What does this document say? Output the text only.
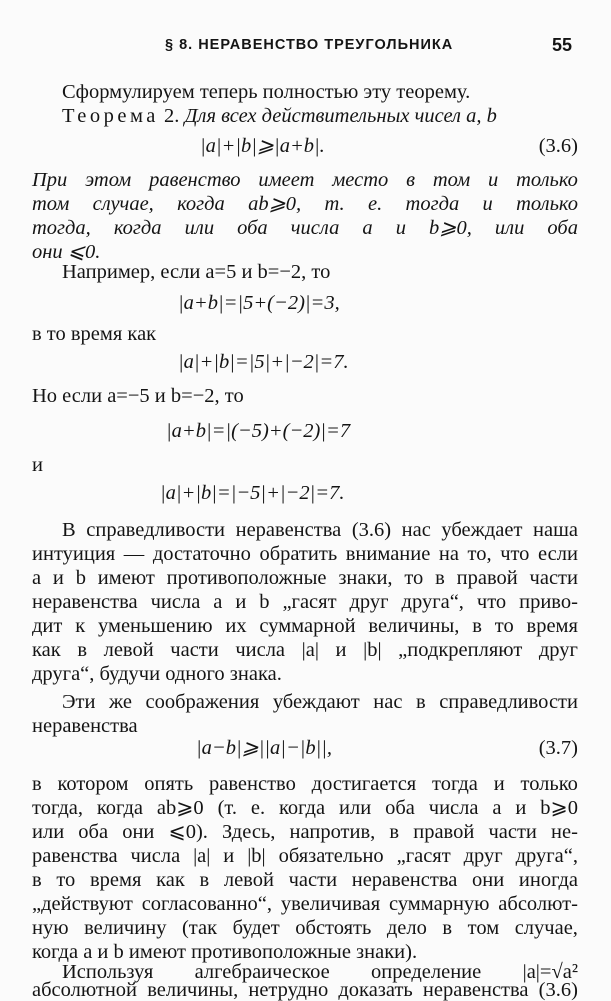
§ 8. НЕРАВЕНСТВО ТРЕУГОЛЬНИКА	55
Сформулируем теперь полностью эту теорему.
Теорема 2. Для всех действительных чисел a, b
|a|+|b|⩾|a+b|.	(3.6)
При этом равенство имеет место в том и только
том случае, когда ab⩾0, т. е. тогда и только
тогда, когда или оба числа a и b⩾0, или оба
они ⩽0.
Например, если a=5 и b=−2, то
|a+b|=|5+(−2)|=3,
в то время как
|a|+|b|=|5|+|−2|=7.
Но если a=−5 и b=−2, то
|a+b|=|(−5)+(−2)|=7
и
|a|+|b|=|−5|+|−2|=7.
В справедливости неравенства (3.6) нас убеждает наша
интуиция — достаточно обратить внимание на то, что если
a и b имеют противоположные знаки, то в правой части
неравенства числа a и b „гасят друг друга“, что приво-
дит к уменьшению их суммарной величины, в то время
как в левой части числа |a| и |b| „подкрепляют друг
друга“, будучи одного знака.
Эти же соображения убеждают нас в справедливости
неравенства
|a−b|⩾||a|−|b||,	(3.7)
в котором опять равенство достигается тогда и только
тогда, когда ab⩾0 (т. е. когда или оба числа a и b⩾0
или оба они ⩽0). Здесь, напротив, в правой части не-
равенства числа |a| и |b| обязательно „гасят друг друга“,
в то время как в левой части неравенства они иногда
„действуют согласованно“, увеличивая суммарную абсолют-
ную величину (так будет обстоять дело в том случае,
когда a и b имеют противоположные знаки).
Используя алгебраическое определение |a|=√a²
абсолютной величины, нетрудно доказать неравенства (3.6)
